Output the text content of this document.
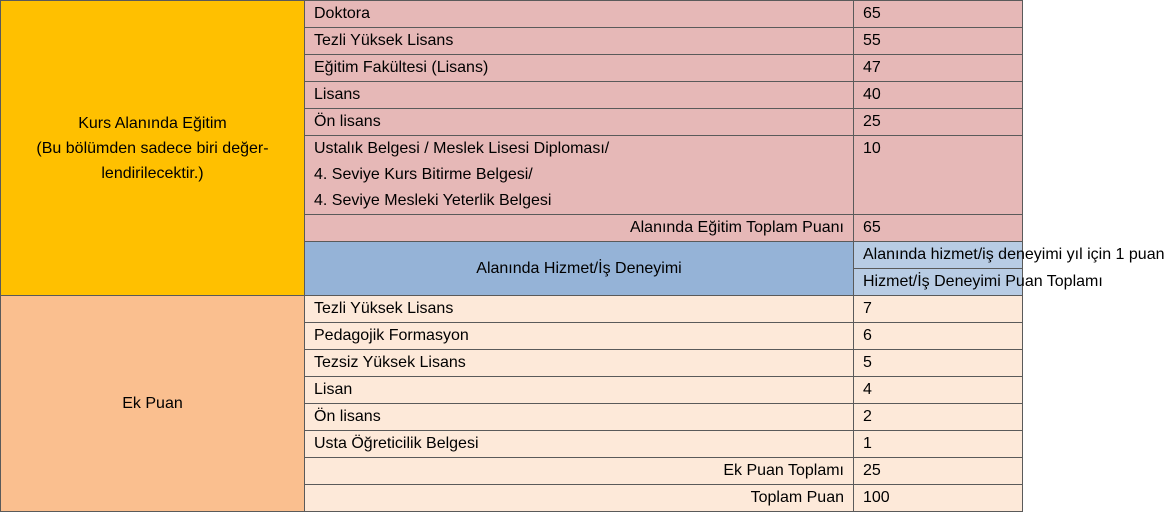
Kurs Alanında Eğitim
(Bu bölümden sadece biri değer-
lendirilecektir.)	Doktora	65	
	Tezli Yüksek Lisans	55	
	Eğitim Fakültesi (Lisans)	47	
	Lisans	40	
	Ön lisans	25	

	Ustalık Belgesi / Meslek Lisesi Diploması/
4. Seviye Kurs Bitirme Belgesi/
4. Seviye Mesleki Yeterlik Belgesi	10	
	Alanında Eğitim Toplam Puanı	65	

	Alanında Hizmet/İş Deneyimi	Alanında hizmet/iş deneyimi yıl için 1 puan	
		Hizmet/İş Deneyimi Puan Toplamı	

Ek Puan	Tezli Yüksek Lisans	7	
	Pedagojik Formasyon	6	
	Tezsiz Yüksek Lisans	5	
	Lisan	4	
	Ön lisans	2	
	Usta Öğreticilik Belgesi	1	
	Ek Puan Toplamı	25	
	Toplam Puan	100	
